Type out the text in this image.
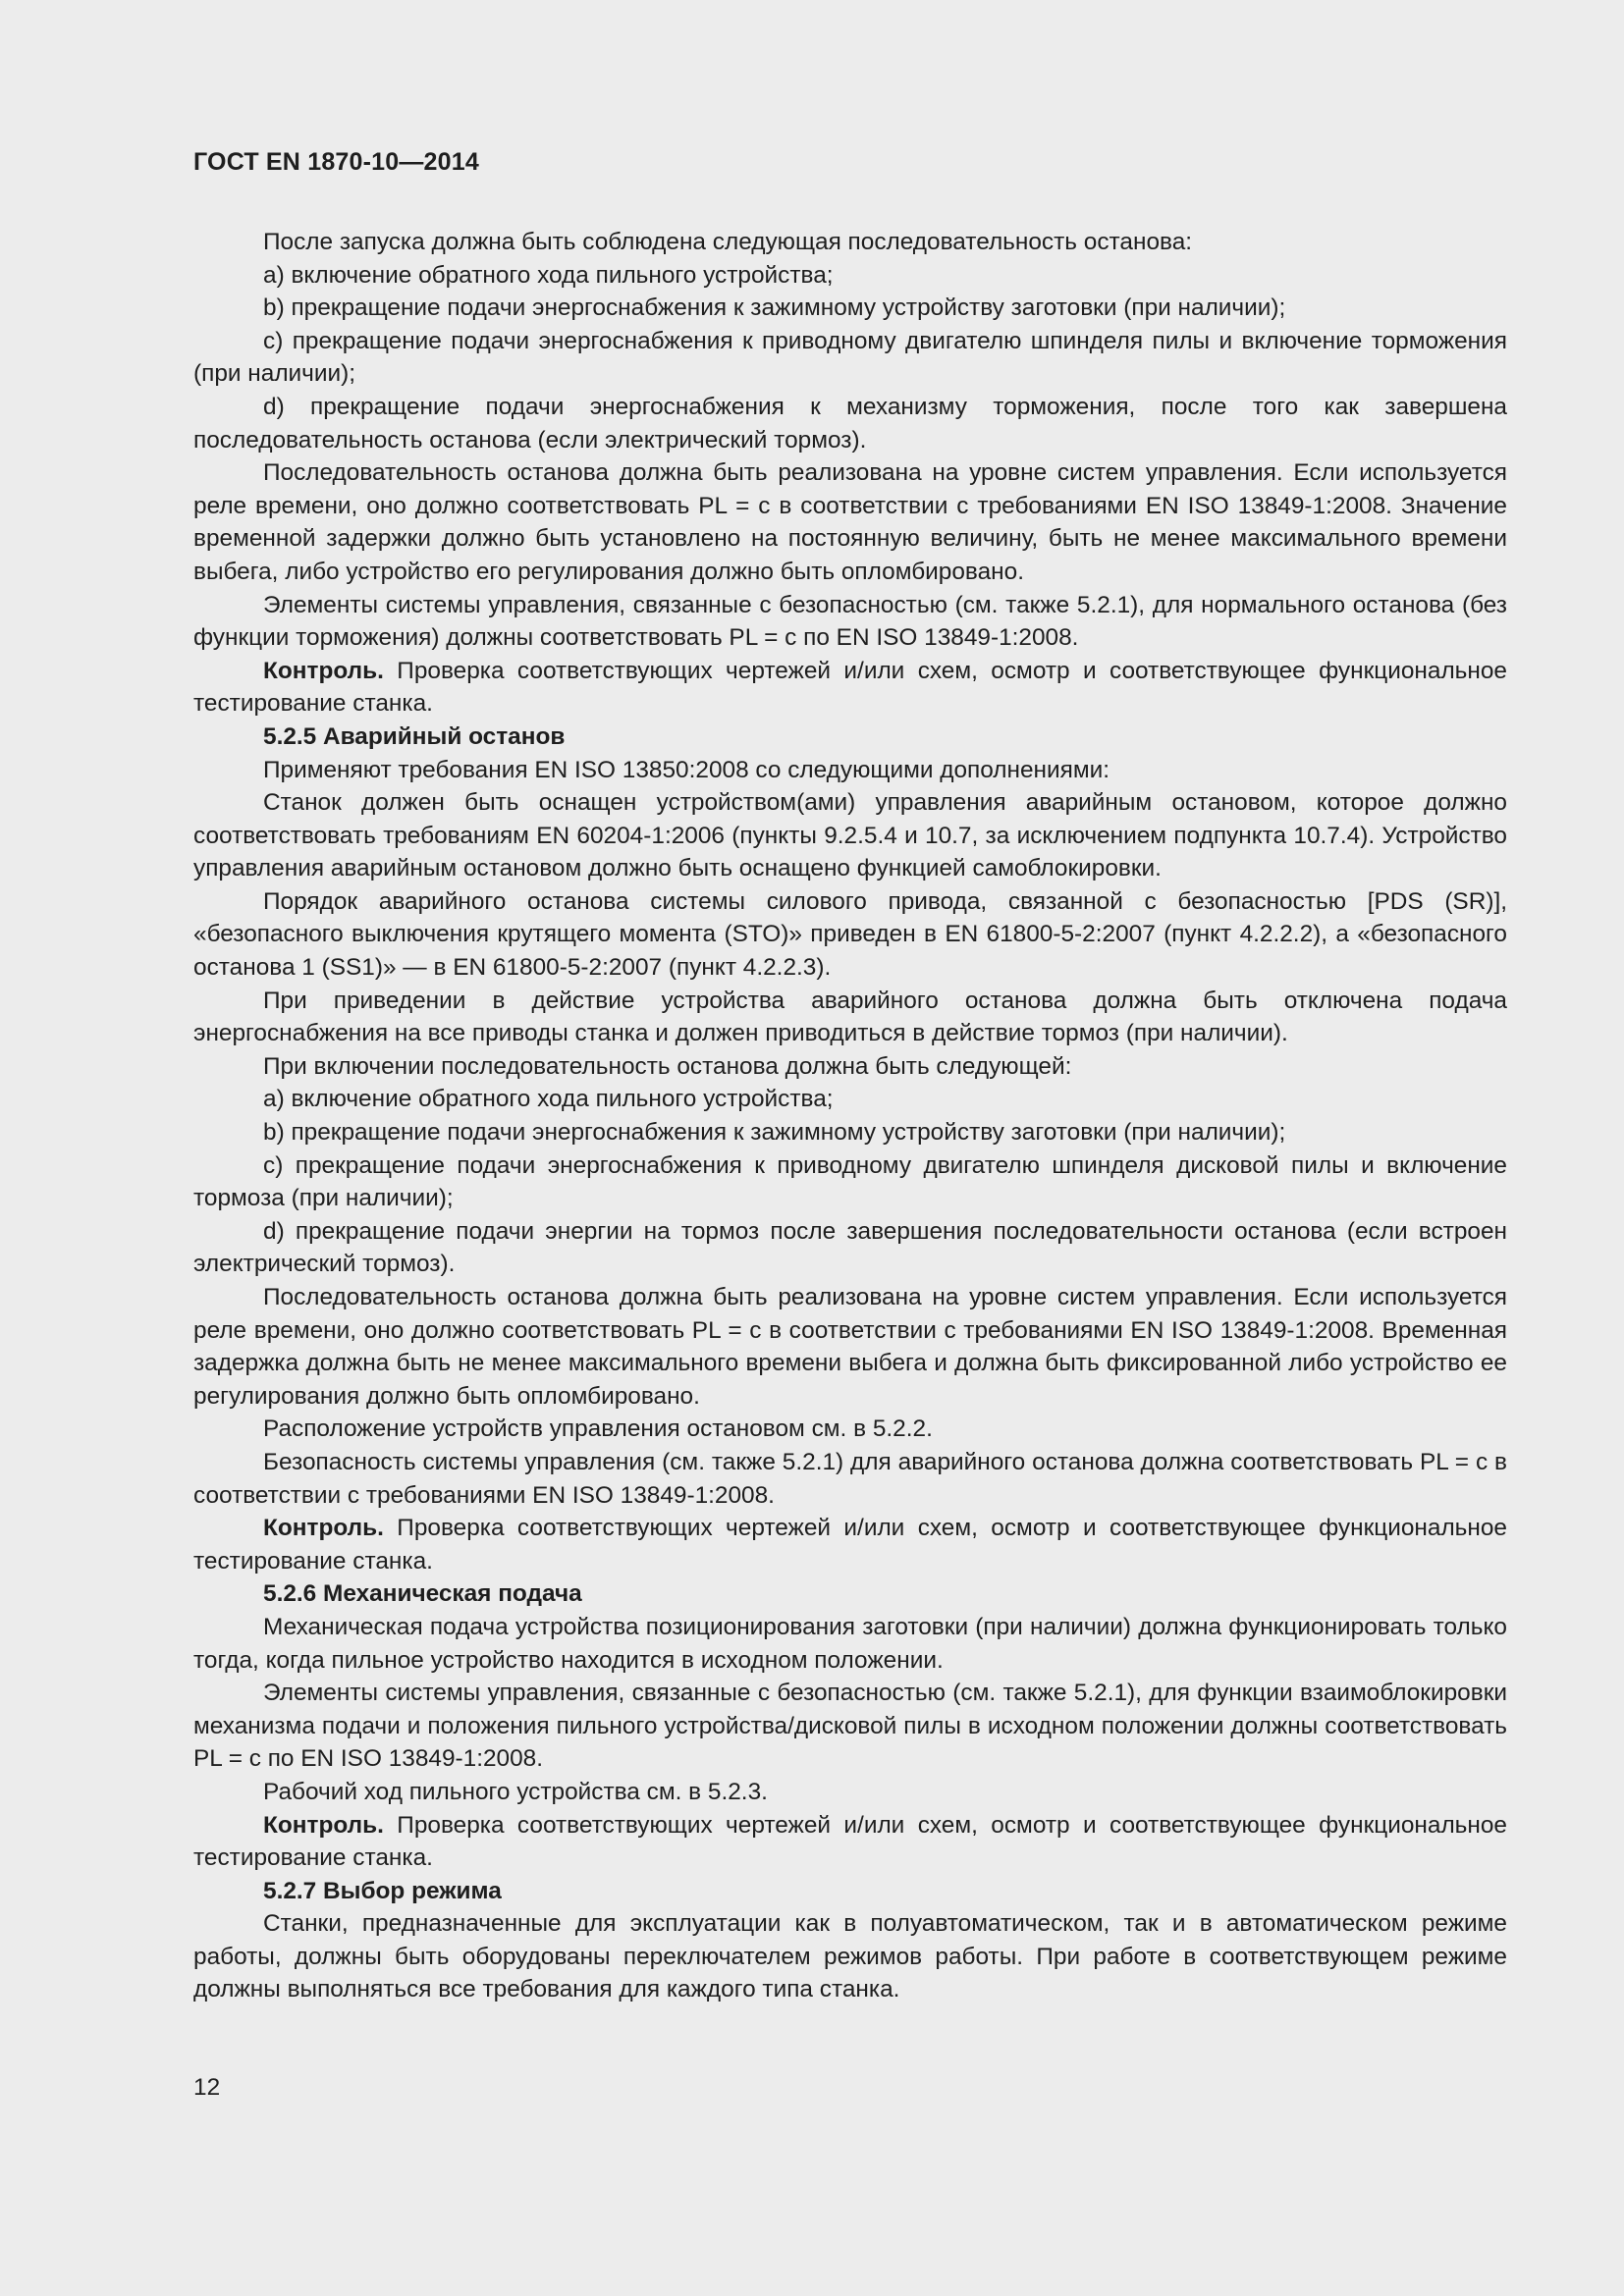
ГОСТ EN 1870-10—2014

После запуска должна быть соблюдена следующая последовательность останова:

a) включение обратного хода пильного устройства;

b) прекращение подачи энергоснабжения к зажимному устройству заготовки (при наличии);

c) прекращение подачи энергоснабжения к приводному двигателю шпинделя пилы и включение торможения (при наличии);

d) прекращение подачи энергоснабжения к механизму торможения, после того как завершена последовательность останова (если электрический тормоз).

Последовательность останова должна быть реализована на уровне систем управления. Если используется реле времени, оно должно соответствовать PL = с в соответствии с требованиями EN ISO 13849-1:2008. Значение временной задержки должно быть установлено на постоянную величину, быть не менее максимального времени выбега, либо устройство его регулирования должно быть опломбировано.

Элементы системы управления, связанные с безопасностью (см. также 5.2.1), для нормального останова (без функции торможения) должны соответствовать PL = с по EN ISO 13849-1:2008.

Контроль. Проверка соответствующих чертежей и/или схем, осмотр и соответствующее функциональное тестирование станка.

5.2.5 Аварийный останов

Применяют требования EN ISO 13850:2008 со следующими дополнениями:

Станок должен быть оснащен устройством(ами) управления аварийным остановом, которое должно соответствовать требованиям EN 60204-1:2006 (пункты 9.2.5.4 и 10.7, за исключением подпункта 10.7.4). Устройство управления аварийным остановом должно быть оснащено функцией самоблокировки.

Порядок аварийного останова системы силового привода, связанной с безопасностью [PDS (SR)], «безопасного выключения крутящего момента (STO)» приведен в EN 61800-5-2:2007 (пункт 4.2.2.2), а «безопасного останова 1 (SS1)» — в EN 61800-5-2:2007 (пункт 4.2.2.3).

При приведении в действие устройства аварийного останова должна быть отключена подача энергоснабжения на все приводы станка и должен приводиться в действие тормоз (при наличии).

При включении последовательность останова должна быть следующей:

a) включение обратного хода пильного устройства;

b) прекращение подачи энергоснабжения к зажимному устройству заготовки (при наличии);

c) прекращение подачи энергоснабжения к приводному двигателю шпинделя дисковой пилы и включение тормоза (при наличии);

d) прекращение подачи энергии на тормоз после завершения последовательности останова (если встроен электрический тормоз).

Последовательность останова должна быть реализована на уровне систем управления. Если используется реле времени, оно должно соответствовать PL = с в соответствии с требованиями EN ISO 13849-1:2008. Временная задержка должна быть не менее максимального времени выбега и должна быть фиксированной либо устройство ее регулирования должно быть опломбировано.

Расположение устройств управления остановом см. в 5.2.2.

Безопасность системы управления (см. также 5.2.1) для аварийного останова должна соответствовать PL = с в соответствии с требованиями EN ISO 13849-1:2008.

Контроль. Проверка соответствующих чертежей и/или схем, осмотр и соответствующее функциональное тестирование станка.

5.2.6 Механическая подача

Механическая подача устройства позиционирования заготовки (при наличии) должна функционировать только тогда, когда пильное устройство находится в исходном положении.

Элементы системы управления, связанные с безопасностью (см. также 5.2.1), для функции взаимоблокировки механизма подачи и положения пильного устройства/дисковой пилы в исходном положении должны соответствовать PL = с по EN ISO 13849-1:2008.

Рабочий ход пильного устройства см. в 5.2.3.

Контроль. Проверка соответствующих чертежей и/или схем, осмотр и соответствующее функциональное тестирование станка.

5.2.7 Выбор режима

Станки, предназначенные для эксплуатации как в полуавтоматическом, так и в автоматическом режиме работы, должны быть оборудованы переключателем режимов работы. При работе в соответствующем режиме должны выполняться все требования для каждого типа станка.

12
